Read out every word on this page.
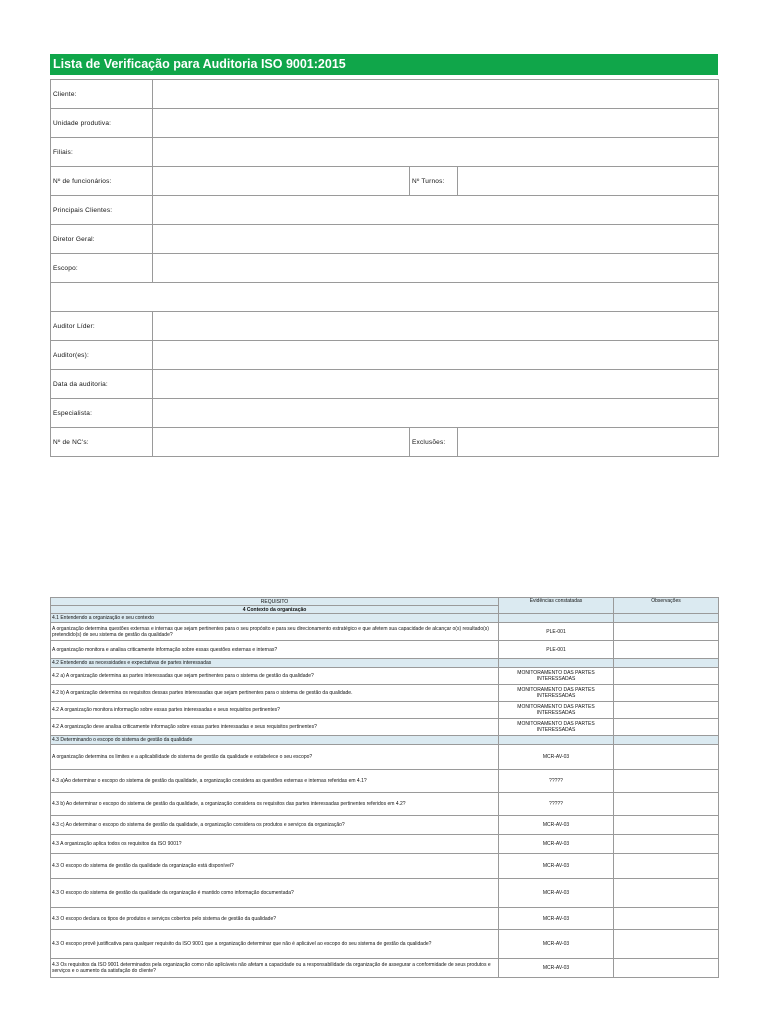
Lista de Verificação para Auditoria ISO 9001:2015
Cliente:			
Unidade produtiva:			
Filiais:			
Nº de funcionários:		Nº Turnos:	
Principais Clientes:			
Diretor Geral:			
Escopo:			

Auditor Líder:			
Auditor(es):			
Data da auditoria:			
Especialista:			
Nº de NC's:		Exclusões:	
REQUISITO	Evidências constatadas	Observações
4 Contexto da organização		
4.1 Entendendo a organização e seu contexto		
A organização determina questões externas e internas que sejam pertinentes para o seu propósito e para seu direcionamento estratégico e que afetem sua capacidade de alcançar o(s) resultado(s) pretendido(s) de seu sistema de gestão da qualidade?	PLE-001	
A organização monitora e analisa criticamente informação sobre essas questões externas e internas?	PLE-001	
4.2 Entendendo as necessidades e expectativas de partes interessadas		
4.2 a) A organização determina as partes interessadas que sejam pertinentes para o sistema de gestão da qualidade?	MONITORAMENTO DAS PARTES INTERESSADAS	
4.2 b) A organização determina os requisitos dessas partes interessadas que sejam pertinentes para o sistema de gestão da qualidade.	MONITORAMENTO DAS PARTES INTERESSADAS	
4.2 A organização monitora informação sobre essas partes interessadas e seus requisitos pertinentes?	MONITORAMENTO DAS PARTES INTERESSADAS	
4.2 A organização deve analisa criticamente informação sobre essas partes interessadas e seus requisitos pertinentes?	MONITORAMENTO DAS PARTES INTERESSADAS	
4.3 Determinando o escopo do sistema de gestão da qualidade		
A organização determina os limites e a aplicabilidade do sistema de gestão da qualidade e estabelece o seu escopo?	MCR-AV-03	
4.3 a)Ao determinar o escopo do sistema de gestão da qualidade, a organização considera as questões externas e internas referidas em 4.1?	?????	
4.3 b) Ao determinar o escopo do sistema de gestão da qualidade, a organização considera os requisitos das partes interessadas pertinentes referidos em 4.2?	?????	
4.3 c) Ao determinar o escopo do sistema de gestão da qualidade, a organização considera os produtos e serviços da organização?	MCR-AV-03	
4.3 A organização aplica todos os requisitos da ISO 9001?	MCR-AV-03	
4.3 O escopo do sistema de gestão da qualidade da organização está disponível?	MCR-AV-03	
4.3 O escopo do sistema de gestão da qualidade da organização é mantido como informação documentada?	MCR-AV-03	
4.3 O escopo declara os tipos de produtos e serviços cobertos pelo sistema de gestão da qualidade?	MCR-AV-03	
4.3 O escopo provê justificativa para qualquer requisito da ISO 9001 que a organização determinar que não é aplicável ao escopo do seu sistema de gestão da qualidade?	MCR-AV-03	
4.3 Os requisitos da ISO 9001 determinados pela organização como não aplicáveis não afetam a capacidade ou a responsabilidade da organização de assegurar a conformidade de seus produtos e serviços e o aumento da satisfação do cliente?	MCR-AV-03	
